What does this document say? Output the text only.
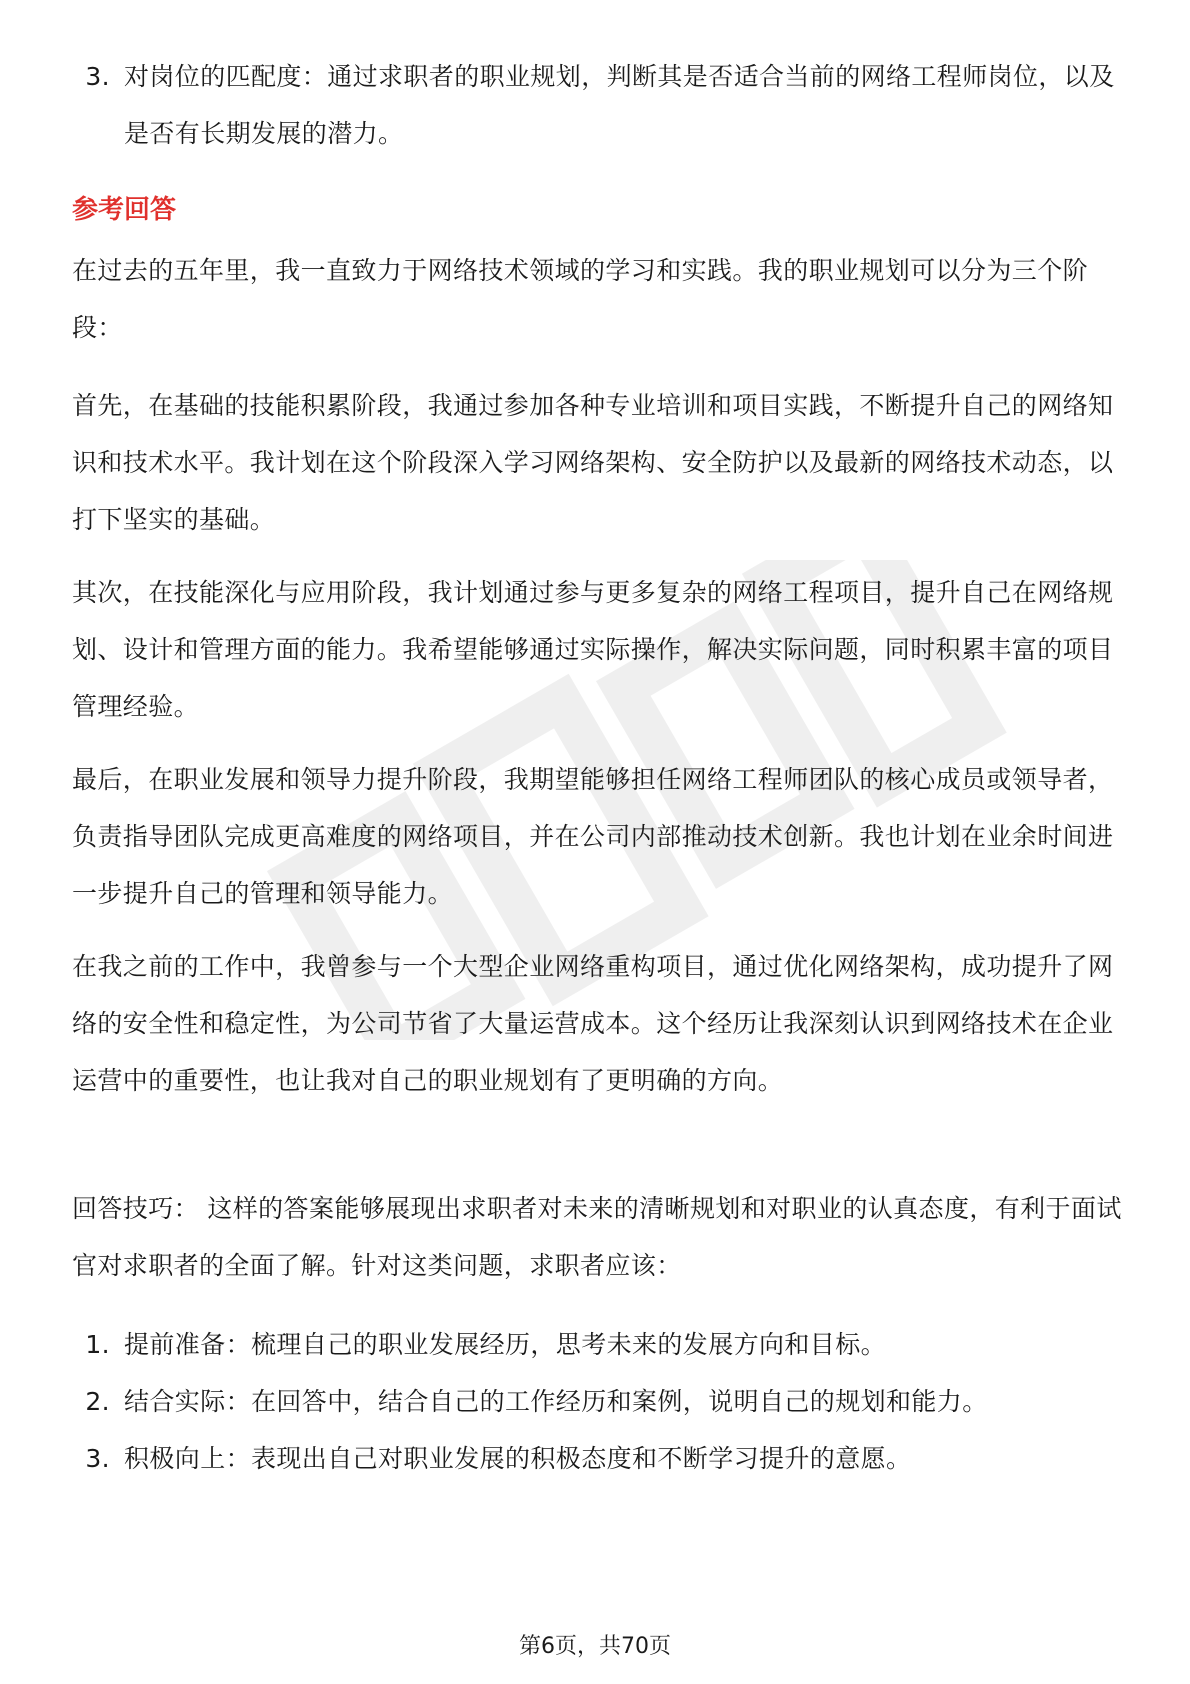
3. 对岗位的匹配度：通过求职者的职业规划，判断其是否适合当前的网络工程师岗位，以及是否有长期发展的潜力。
参考回答
在过去的五年里，我一直致力于网络技术领域的学习和实践。我的职业规划可以分为三个阶段：
首先，在基础的技能积累阶段，我通过参加各种专业培训和项目实践，不断提升自己的网络知识和技术水平。我计划在这个阶段深入学习网络架构、安全防护以及最新的网络技术动态，以打下坚实的基础。
其次，在技能深化与应用阶段，我计划通过参与更多复杂的网络工程项目，提升自己在网络规划、设计和管理方面的能力。我希望能够通过实际操作，解决实际问题，同时积累丰富的项目管理经验。
最后，在职业发展和领导力提升阶段，我期望能够担任网络工程师团队的核心成员或领导者，负责指导团队完成更高难度的网络项目，并在公司内部推动技术创新。我也计划在业余时间进一步提升自己的管理和领导能力。
在我之前的工作中，我曾参与一个大型企业网络重构项目，通过优化网络架构，成功提升了网络的安全性和稳定性，为公司节省了大量运营成本。这个经历让我深刻认识到网络技术在企业运营中的重要性，也让我对自己的职业规划有了更明确的方向。
回答技巧： 这样的答案能够展现出求职者对未来的清晰规划和对职业的认真态度，有利于面试官对求职者的全面了解。针对这类问题，求职者应该：
1. 提前准备：梳理自己的职业发展经历，思考未来的发展方向和目标。
2. 结合实际：在回答中，结合自己的工作经历和案例，说明自己的规划和能力。
3. 积极向上：表现出自己对职业发展的积极态度和不断学习提升的意愿。
第6页，共70页
